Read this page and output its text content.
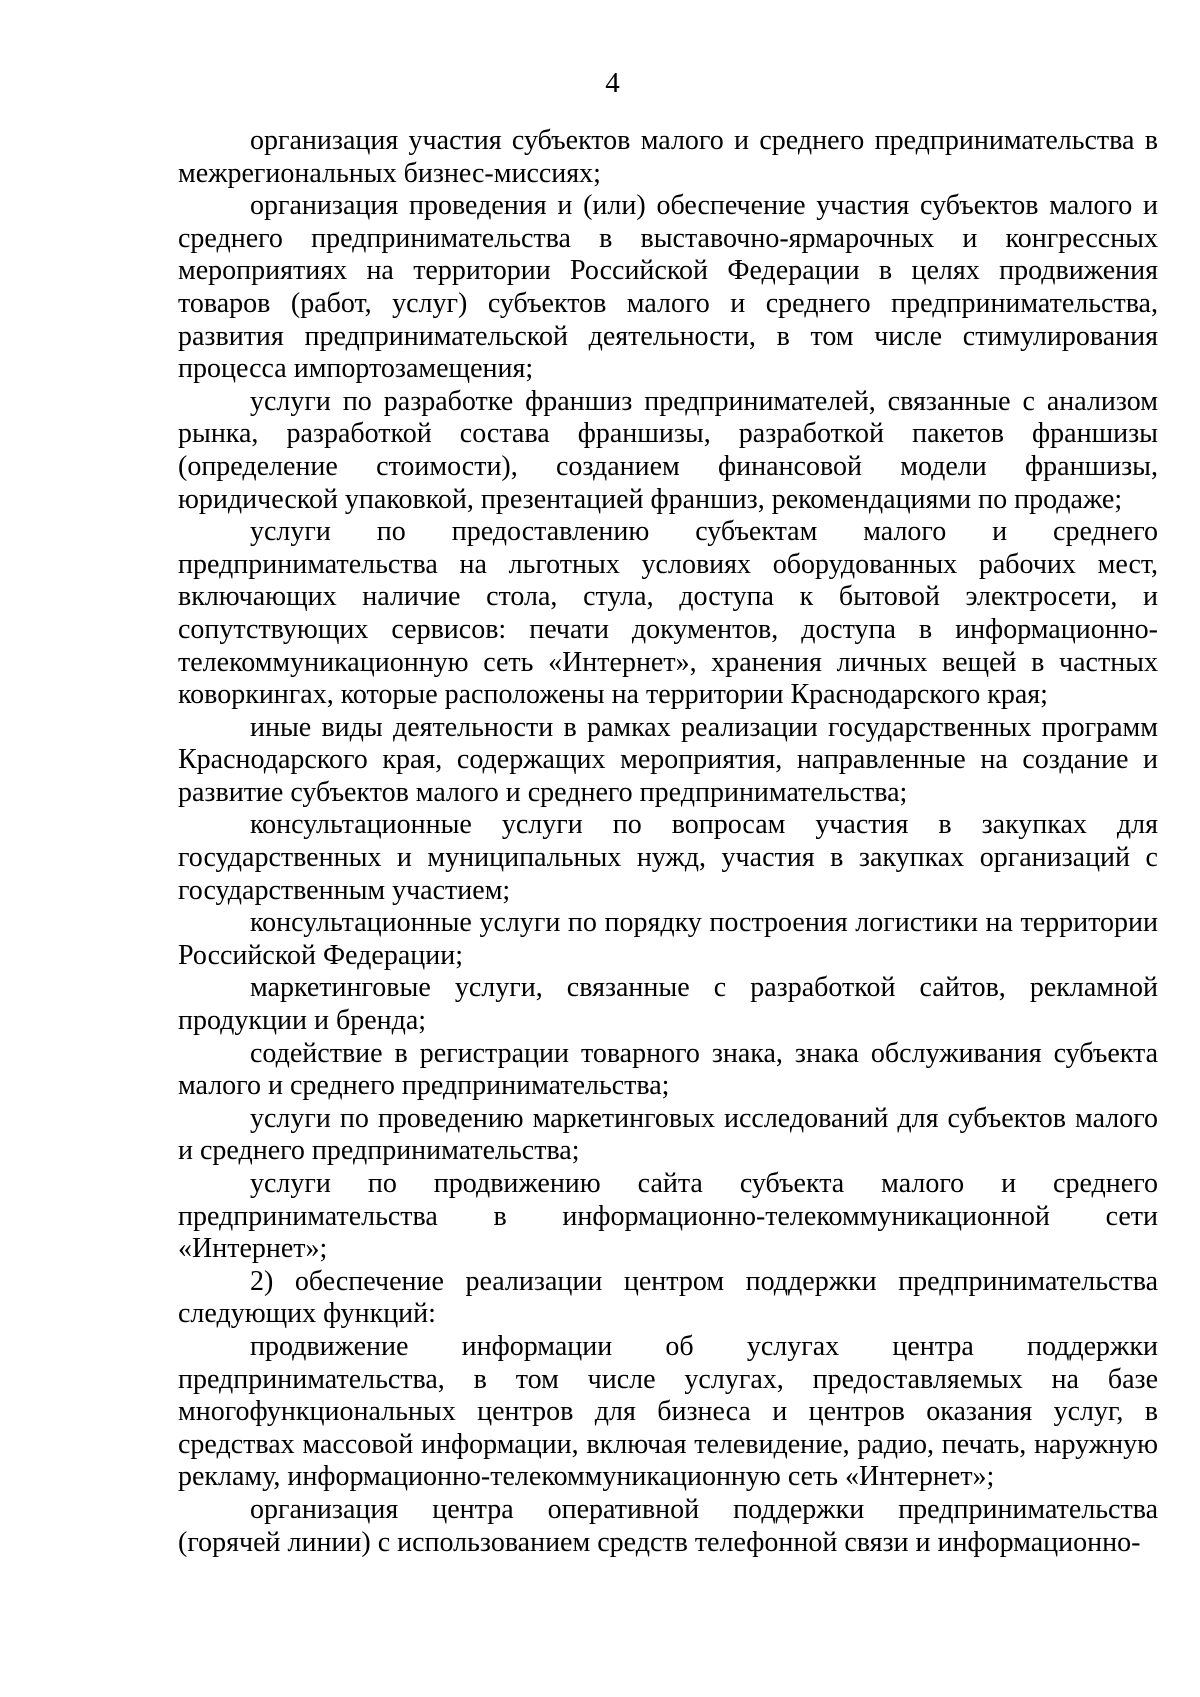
4

организация участия субъектов малого и среднего предпринимательства в межрегиональных бизнес-миссиях;

организация проведения и (или) обеспечение участия субъектов малого и среднего предпринимательства в выставочно-ярмарочных и конгрессных мероприятиях на территории Российской Федерации в целях продвижения товаров (работ, услуг) субъектов малого и среднего предпринимательства, развития предпринимательской деятельности, в том числе стимулирования процесса импортозамещения;

услуги по разработке франшиз предпринимателей, связанные с анализом рынка, разработкой состава франшизы, разработкой пакетов франшизы (определение стоимости), созданием финансовой модели франшизы, юридической упаковкой, презентацией франшиз, рекомендациями по продаже;

услуги по предоставлению субъектам малого и среднего предпринимательства на льготных условиях оборудованных рабочих мест, включающих наличие стола, стула, доступа к бытовой электросети, и сопутствующих сервисов: печати документов, доступа в информационно-телекоммуникационную сеть «Интернет», хранения личных вещей в частных коворкингах, которые расположены на территории Краснодарского края;

иные виды деятельности в рамках реализации государственных программ Краснодарского края, содержащих мероприятия, направленные на создание и развитие субъектов малого и среднего предпринимательства;

консультационные услуги по вопросам участия в закупках для государственных и муниципальных нужд, участия в закупках организаций с государственным участием;

консультационные услуги по порядку построения логистики на территории Российской Федерации;

маркетинговые услуги, связанные с разработкой сайтов, рекламной продукции и бренда;

содействие в регистрации товарного знака, знака обслуживания субъекта малого и среднего предпринимательства;

услуги по проведению маркетинговых исследований для субъектов малого и среднего предпринимательства;

услуги по продвижению сайта субъекта малого и среднего предпринимательства в информационно-телекоммуникационной сети «Интернет»;

2) обеспечение реализации центром поддержки предпринимательства следующих функций:

продвижение информации об услугах центра поддержки предпринимательства, в том числе услугах, предоставляемых на базе многофункциональных центров для бизнеса и центров оказания услуг, в средствах массовой информации, включая телевидение, радио, печать, наружную рекламу, информационно-телекоммуникационную сеть «Интернет»;

организация центра оперативной поддержки предпринимательства (горячей линии) с использованием средств телефонной связи и информационно-
